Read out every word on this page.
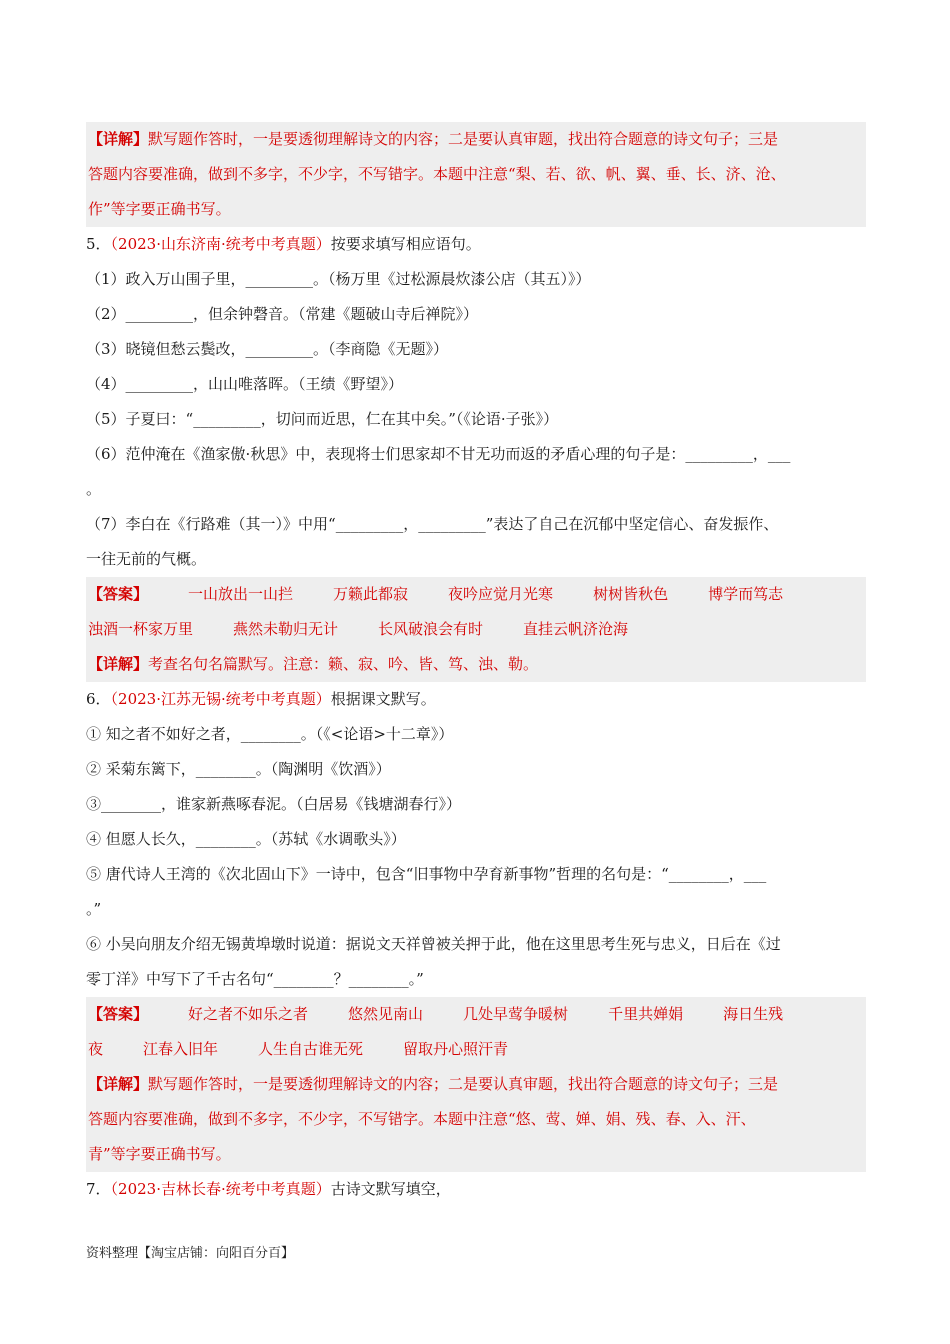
【详解】默写题作答时，一是要透彻理解诗文的内容；二是要认真审题，找出符合题意的诗文句子；三是
答题内容要准确，做到不多字，不少字，不写错字。本题中注意“梨、若、欲、帆、翼、垂、长、济、沧、
作”等字要正确书写。
5．（2023·山东济南·统考中考真题）按要求填写相应语句。
（1）政入万山围子里，_________。（杨万里《过松源晨炊漆公店（其五）》）
（2）_________，但余钟磬音。（常建《题破山寺后禅院》）
（3）晓镜但愁云鬓改，_________。（李商隐《无题》）
（4）_________，山山唯落晖。（王绩《野望》）
（5）子夏曰：“_________，切问而近思，仁在其中矣。”（《论语·子张》）
（6）范仲淹在《渔家傲·秋思》中，表现将士们思家却不甘无功而返的矛盾心理的句子是：_________，___
。
（7）李白在《行路难（其一）》中用“_________，_________”表达了自己在沉郁中坚定信心、奋发振作、
一往无前的气概。
【答案】	一山放出一山拦	万籁此都寂	夜吟应觉月光寒	树树皆秋色	博学而笃志
浊酒一杯家万里	燕然未勒归无计	长风破浪会有时	直挂云帆济沧海
【详解】考查名句名篇默写。注意：籁、寂、吟、皆、笃、浊、勒。
6．（2023·江苏无锡·统考中考真题）根据课文默写。
① 知之者不如好之者，________。（《<论语>十二章》）
② 采菊东篱下，________。（陶渊明《饮酒》）
③________，谁家新燕啄春泥。（白居易《钱塘湖春行》）
④ 但愿人长久，________。（苏轼《水调歌头》）
⑤ 唐代诗人王湾的《次北固山下》一诗中，包含“旧事物中孕育新事物”哲理的名句是：“________，___
。”
⑥ 小吴向朋友介绍无锡黄埠墩时说道：据说文天祥曾被关押于此，他在这里思考生死与忠义，日后在《过
零丁洋》中写下了千古名句“________？________。”
【答案】	好之者不如乐之者	悠然见南山	几处早莺争暖树	千里共婵娟	海日生残
夜	江春入旧年	人生自古谁无死	留取丹心照汗青
【详解】默写题作答时，一是要透彻理解诗文的内容；二是要认真审题，找出符合题意的诗文句子；三是
答题内容要准确，做到不多字，不少字，不写错字。本题中注意“悠、莺、婵、娟、残、春、入、汗、
青”等字要正确书写。
7．（2023·吉林长春·统考中考真题）古诗文默写填空，
资料整理【淘宝店铺：向阳百分百】
